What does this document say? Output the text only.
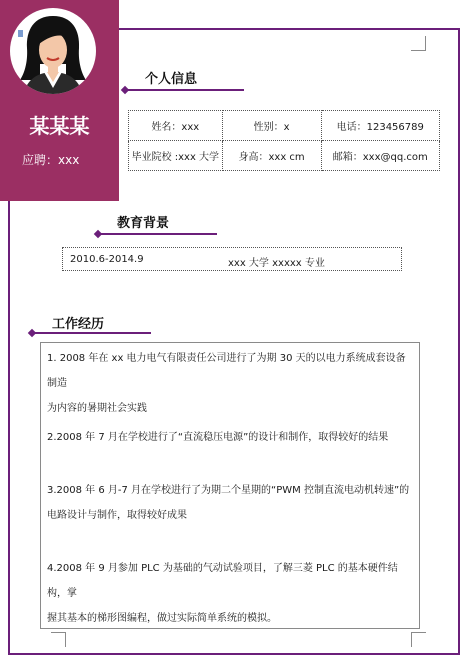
某某某
应聘：xxx
个人信息
姓名：xxx	性别：x	电话：123456789
毕业院校 :xxx 大学	身高：xxx cm	邮箱：xxx@qq.com
教育背景
2010.6-2014.9	xxx 大学 xxxxx 专业
工作经历
1. 2008 年在 xx 电力电气有限责任公司进行了为期 30 天的以电力系统成套设备制造
为内容的暑期社会实践
2.2008 年 7 月在学校进行了“直流稳压电源”的设计和制作，取得较好的结果
3.2008 年 6 月-7 月在学校进行了为期二个星期的“PWM 控制直流电动机转速”的
电路设计与制作，取得较好成果
4.2008 年 9 月参加 PLC 为基础的气动试验项目，了解三菱 PLC 的基本硬件结构，掌
握其基本的梯形图编程，做过实际简单系统的模拟。
